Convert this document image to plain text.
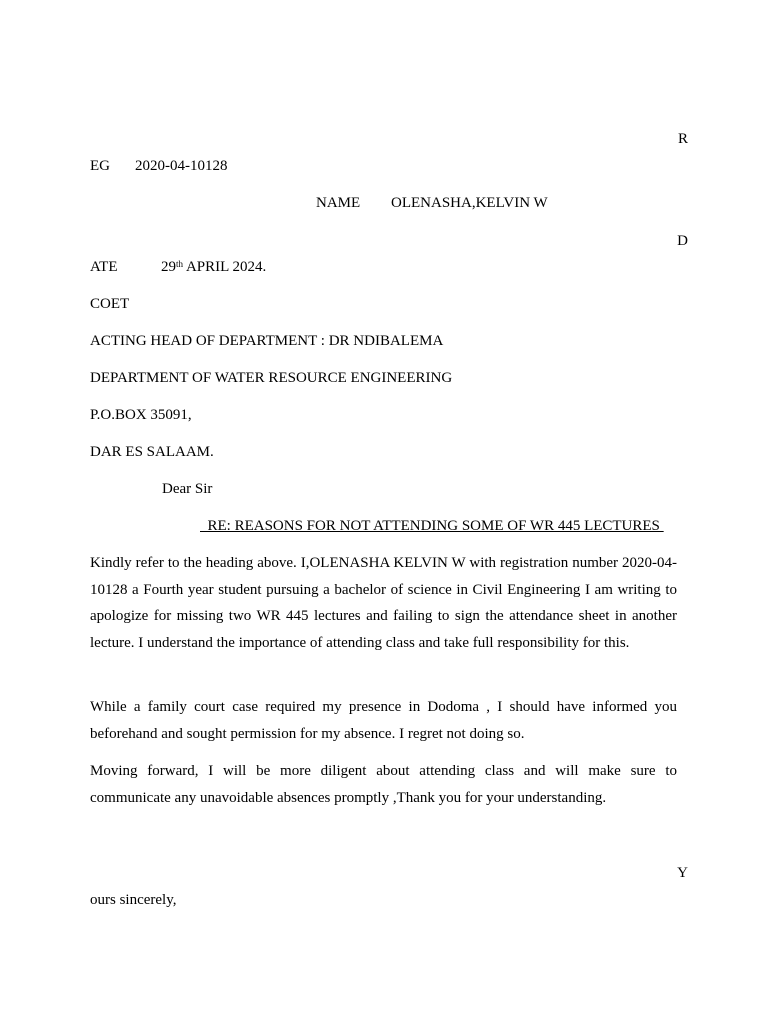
R
EG 2020-04-10128
NAME OLENASHA,KELVIN W
D
ATE	29th APRIL 2024.
COET
ACTING HEAD OF DEPARTMENT : DR NDIBALEMA
DEPARTMENT OF WATER RESOURCE ENGINEERING
P.O.BOX 35091,
DAR ES SALAAM.
Dear Sir
RE: REASONS FOR NOT ATTENDING SOME OF WR 445 LECTURES
Kindly refer to the heading above. I,OLENASHA KELVIN W with registration number 2020-04-10128 a Fourth year student pursuing a bachelor of science in Civil Engineering I am writing to apologize for missing two WR 445 lectures and failing to sign the attendance sheet in another lecture. I understand the importance of attending class and take full responsibility for this.
While a family court case required my presence in Dodoma , I should have informed you beforehand and sought permission for my absence. I regret not doing so.
Moving forward, I will be more diligent about attending class and will make sure to communicate any unavoidable absences promptly ,Thank you for your understanding.
Y
ours sincerely,
